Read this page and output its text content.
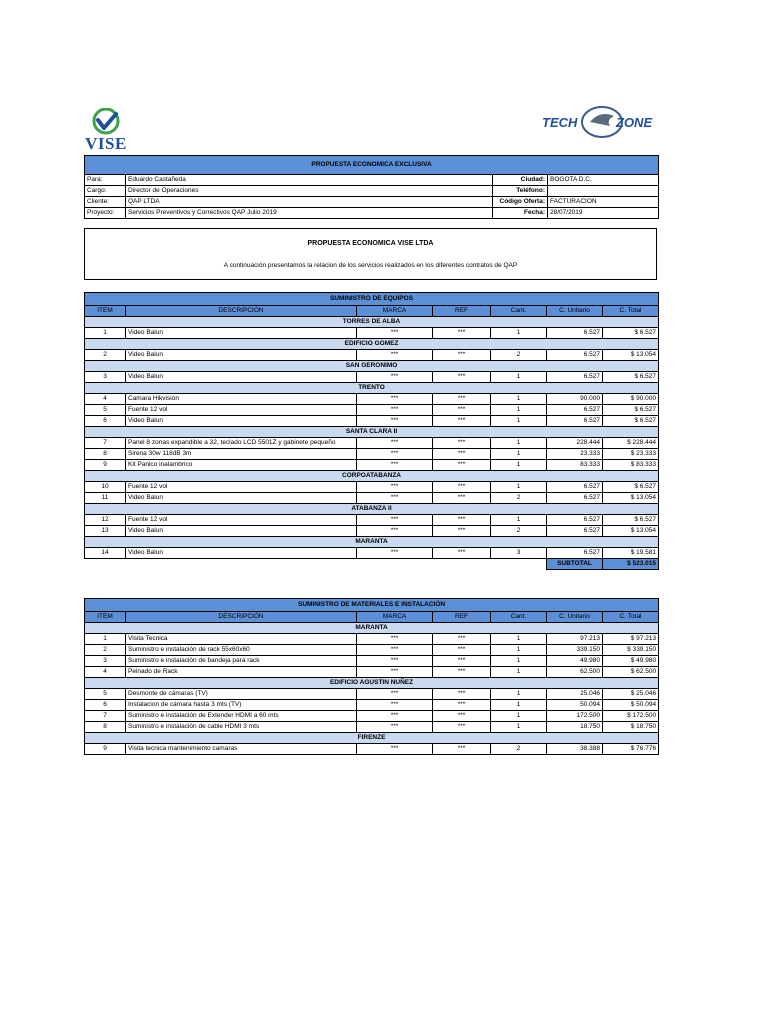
VISE
TECH	ZONE
PROPUESTA ECONOMICA EXCLUSIVA			
Para:	Eduardo Castañeda	Ciudad:	BOGOTA D.C.
Cargo:	Director de Operaciones	Teléfono:	
Cliente:	QAP LTDA	Código Oferta:	FACTURACION
Proyecto:	Servicios Preventivos y Correctivos QAP Julio 2019	Fecha:	28/07/2019
PROPUESTA ECONOMICA VISE LTDA
A continuación presentamos la relacion de los servicios realizados en los diferentes contratos de QAP
SUMINISTRO DE EQUIPOS						
ITEM	DESCRIPCIÓN	MARCA	REF	Cant.	C. Unitario	C. Total
TORRES DE ALBA						
1	Video Balun	***	***	1	6.527	$ 6.527
EDIFICIO GOMEZ						
2	Video Balun	***	***	2	6.527	$ 13.054
SAN GERONIMO						
3	Video Balun	***	***	1	6.527	$ 6.527
TRENTO						
4	Camara Hikvision	***	***	1	90.000	$ 90.000
5	Fuente 12 vol	***	***	1	6.527	$ 6.527
6	Video Balun	***	***	1	6.527	$ 6.527
SANTA CLARA II						
7	Panel 8 zonas expandible a 32, teclado LCD 5501Z y gabinete pequeño	***	***	1	228.444	$ 228.444
8	Sirena 30w 118dB 3m	***	***	1	23.333	$ 23.333
9	Kit Panico inalambrico	***	***	1	83.333	$ 83.333
CORPOATABANZA						
10	Fuente 12 vol	***	***	1	6.527	$ 6.527
11	Video Balun	***	***	2	6.527	$ 13.054
ATABANZA II						
12	Fuente 12 vol	***	***	1	6.527	$ 6.527
13	Video Balun	***	***	2	6.527	$ 13.054
MARANTA						
14	Video Balun	***	***	3	6.527	$ 19.581
					SUBTOTAL	$ 523.015
SUMINISTRO DE MATERIALES E INSTALACIÓN						
ITEM	DESCRIPCIÓN	MARCA	REF	Cant.	C. Unitario	C. Total
MARANTA						
1	Visita Tecnica	***	***	1	97.213	$ 97.213
2	Suministro e instalación de rack 55x60x60	***	***	1	339.150	$ 339.150
3	Suministro e instalación de bandeja para rack	***	***	1	49.980	$ 49.980
4	Peinado de Rack	***	***	1	62.500	$ 62.500
EDIFICIO AGUSTIN NUÑEZ						
5	Desmonte de cámaras (TV)	***	***	1	25.046	$ 25.046
6	Instalacion de cámara hasta 3 mts (TV)	***	***	1	50.094	$ 50.094
7	Suministro e instalación de Extender HDMI a 60 mts	***	***	1	172.500	$ 172.500
8	Suministro e instalación de cable HDMI 3 mts	***	***	1	18.750	$ 18.750
FIRENZE						
9	Visita tecnica mantenimiento camaras	***	***	2	38.388	$ 76.776
